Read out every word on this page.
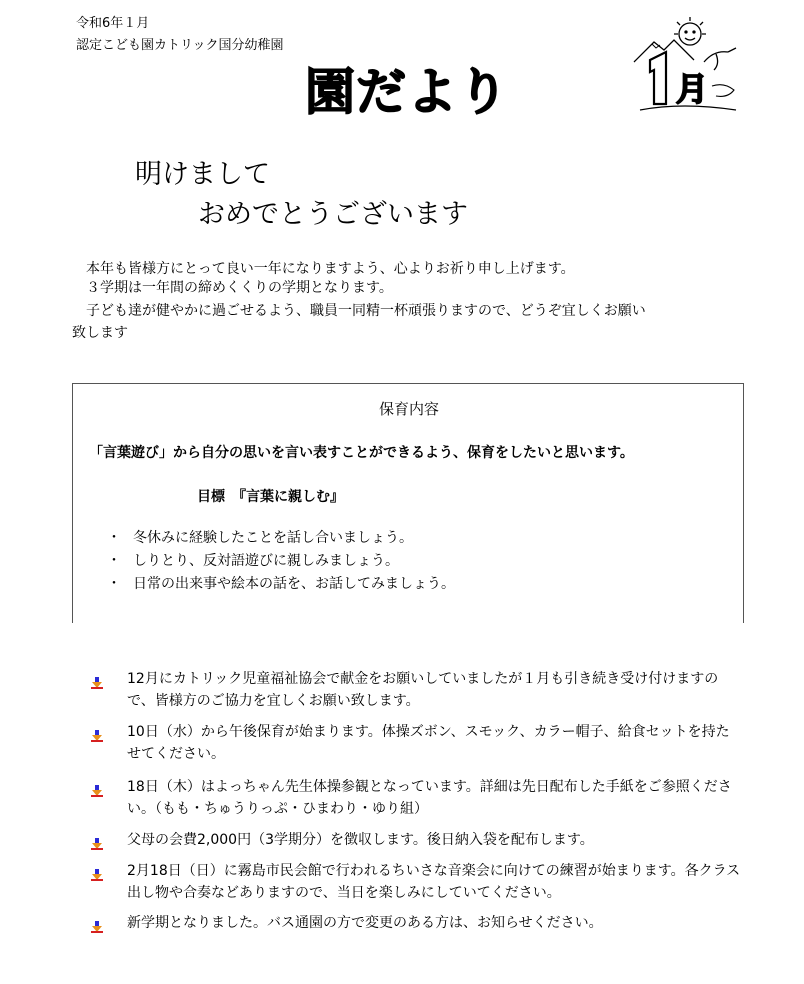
令和6年１月
認定こども園カトリック国分幼稚園
園だより	月
明けまして
おめでとうございます
　本年も皆様方にとって良い一年になりますよう、心よりお祈り申し上げます。
　３学期は一年間の締めくくりの学期となります。
　子ども達が健やかに過ごせるよう、職員一同精一杯頑張りますので、どうぞ宜しくお願い
致します
保育内容
「言葉遊び」から自分の思いを言い表すことができるよう、保育をしたいと思います。
目標　『言葉に親しむ』
・ 冬休みに経験したことを話し合いましょう。
・ しりとり、反対語遊びに親しみましょう。
・ 日常の出来事や絵本の話を、お話してみましょう。
12月にカトリック児童福祉協会で献金をお願いしていましたが１月も引き続き受け付けますので、皆様方のご協力を宜しくお願い致します。
10日（水）から午後保育が始まります。体操ズボン、スモック、カラー帽子、給食セットを持たせてください。
18日（木）はよっちゃん先生体操参観となっています。詳細は先日配布した手紙をご参照ください。（もも・ちゅうりっぷ・ひまわり・ゆり組）
父母の会費2,000円（3学期分）を徴収します。後日納入袋を配布します。
2月18日（日）に霧島市民会館で行われるちいさな音楽会に向けての練習が始まります。各クラス出し物や合奏などありますので、当日を楽しみにしていてください。
新学期となりました。バス通園の方で変更のある方は、お知らせください。
